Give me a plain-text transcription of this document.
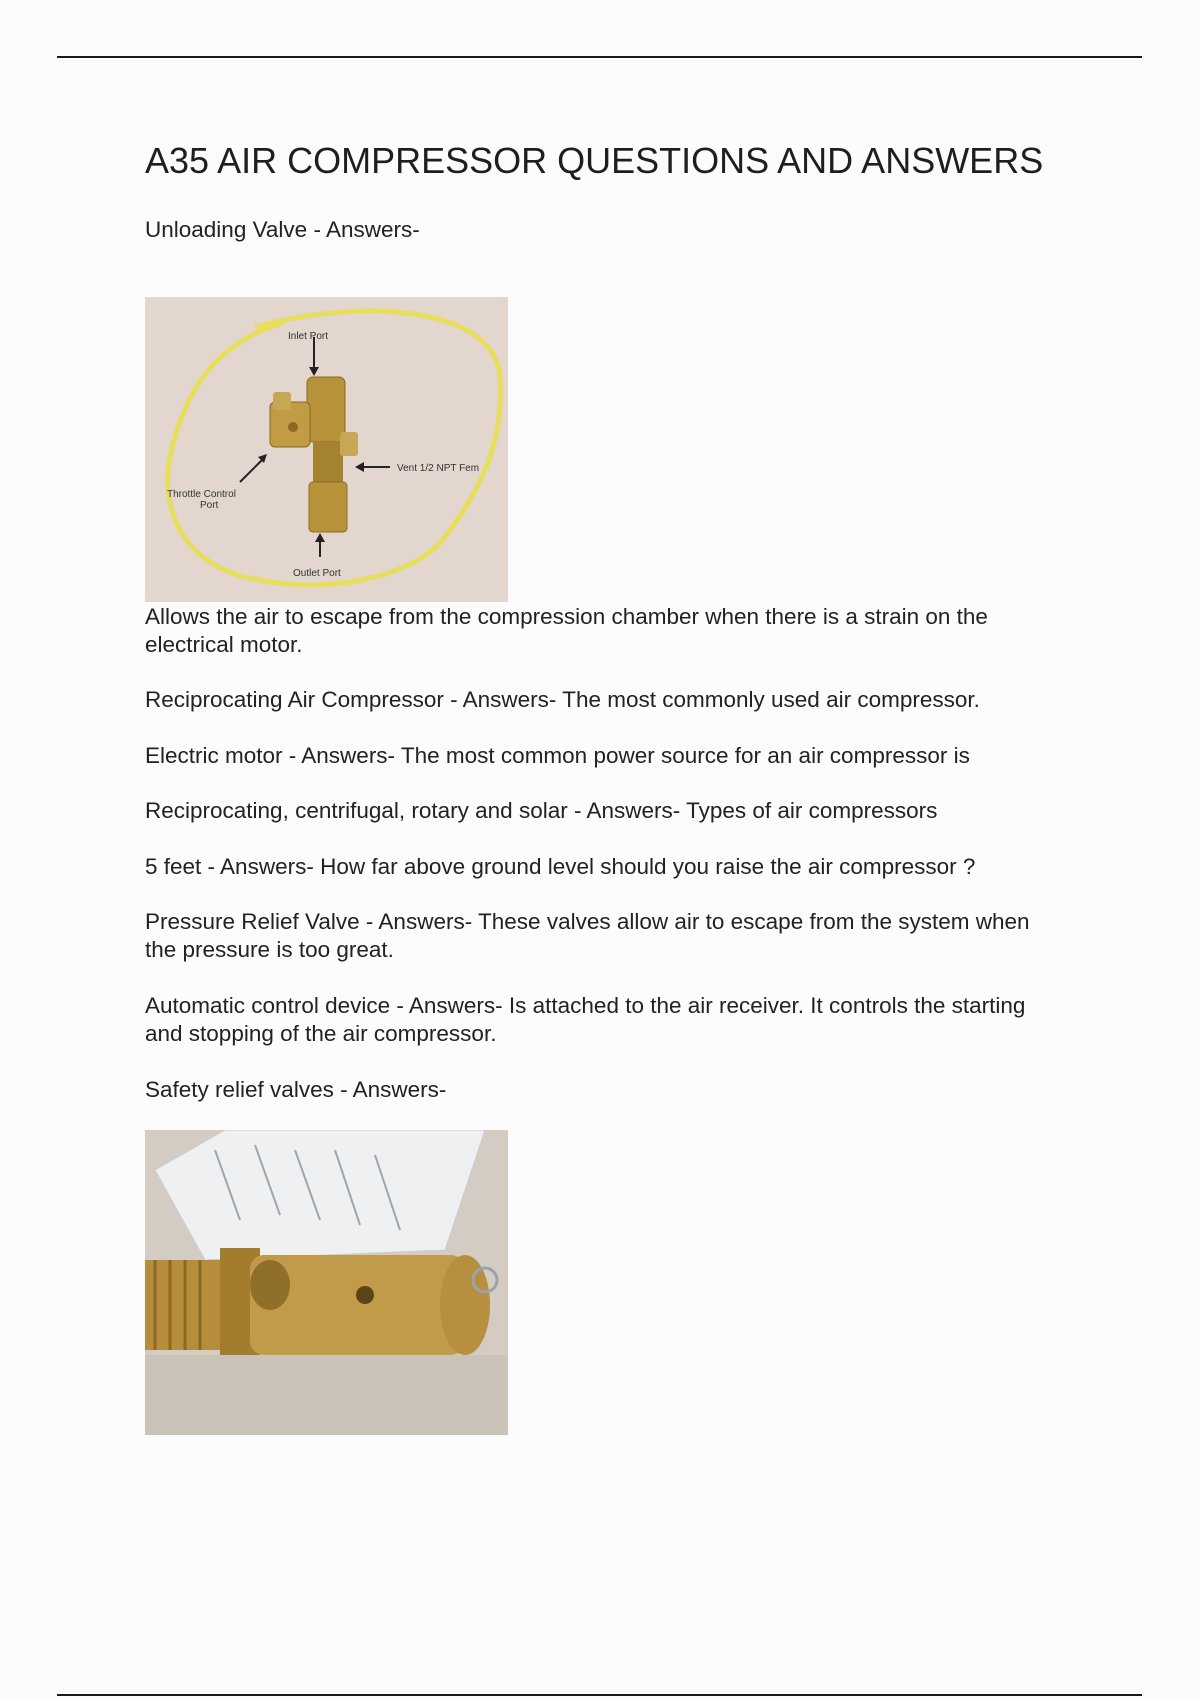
A35 AIR COMPRESSOR QUESTIONS AND ANSWERS

Unloading Valve - Answers-

Inlet Port
Vent 1/2 NPT Fem
Throttle Control
Port
Outlet Port

Allows the air to escape from the compression chamber when there is a strain on the electrical motor.

Reciprocating Air Compressor - Answers- The most commonly used air compressor.

Electric motor - Answers- The most common power source for an air compressor is

Reciprocating, centrifugal, rotary and solar - Answers- Types of air compressors

5 feet - Answers- How far above ground level should you raise the air compressor ?

Pressure Relief Valve - Answers- These valves allow air to escape from the system when the pressure is too great.

Automatic control device - Answers- Is attached to the air receiver. It controls the starting and stopping of the air compressor.

Safety relief valves - Answers-
